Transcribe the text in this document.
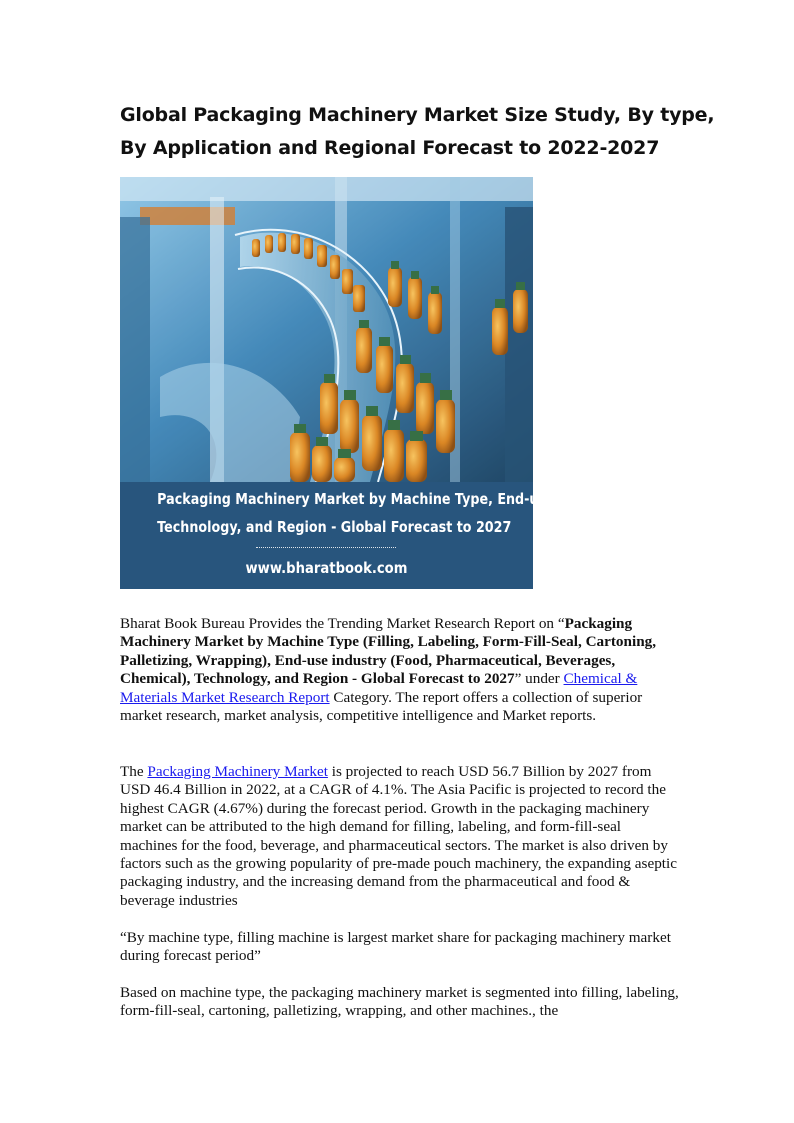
Global Packaging Machinery Market Size Study, By type,
By Application and Regional Forecast to 2022-2027
Packaging Machinery Market by Machine Type, End-use industry,
Technology, and Region - Global Forecast to 2027
www.bharatbook.com

Bharat Book Bureau Provides the Trending Market Research Report on “Packaging Machinery Market by Machine Type (Filling, Labeling, Form-Fill-Seal, Cartoning, Palletizing, Wrapping), End-use industry (Food, Pharmaceutical, Beverages, Chemical), Technology, and Region - Global Forecast to 2027” under Chemical & Materials Market Research Report Category. The report offers a collection of superior market research, market analysis, competitive intelligence and Market reports.

The Packaging Machinery Market is projected to reach USD 56.7 Billion by 2027 from USD 46.4 Billion in 2022, at a CAGR of 4.1%. The Asia Pacific is projected to record the highest CAGR (4.67%) during the forecast period. Growth in the packaging machinery market can be attributed to the high demand for filling, labeling, and form-fill-seal machines for the food, beverage, and pharmaceutical sectors. The market is also driven by factors such as the growing popularity of pre-made pouch machinery, the expanding aseptic packaging industry, and the increasing demand from the pharmaceutical and food & beverage industries

“By machine type, filling machine is largest market share for packaging machinery market during forecast period”

Based on machine type, the packaging machinery market is segmented into filling, labeling, form-fill-seal, cartoning, palletizing, wrapping, and other machines., the
